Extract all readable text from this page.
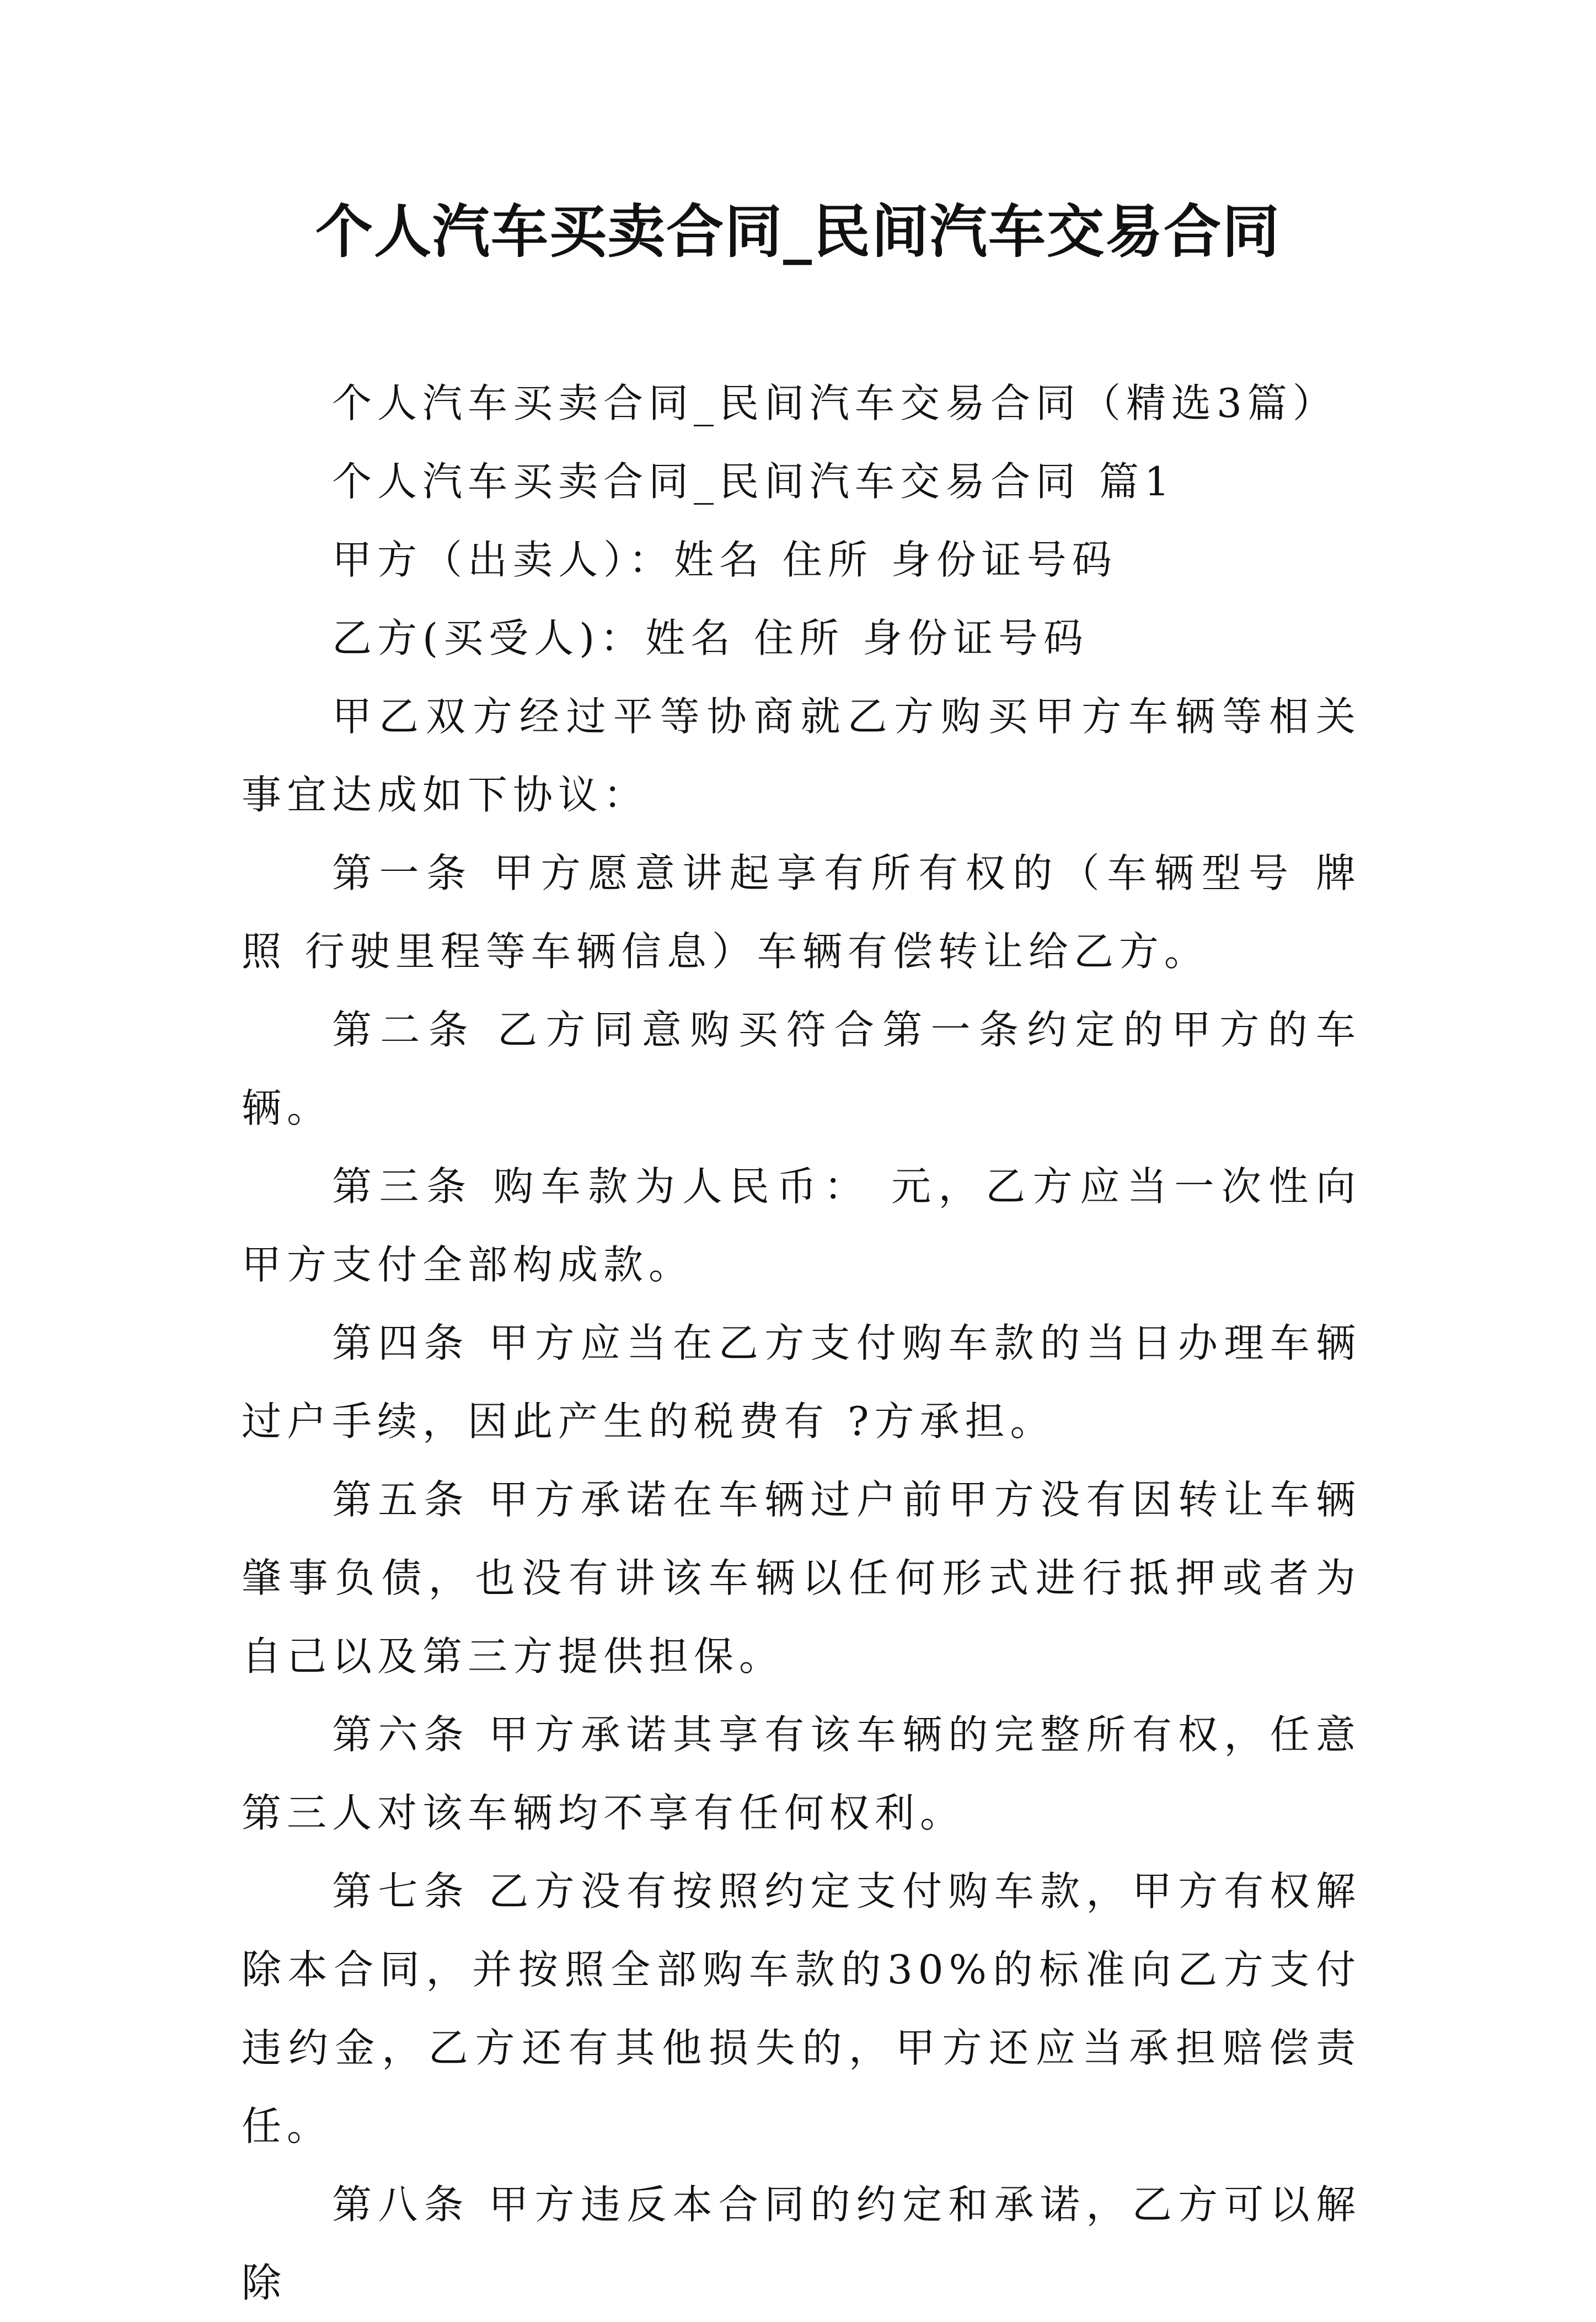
个人汽车买卖合同_民间汽车交易合同

个人汽车买卖合同_民间汽车交易合同（精选3篇）

个人汽车买卖合同_民间汽车交易合同 篇1

甲方（出卖人）：姓名 住所 身份证号码

乙方(买受人)：姓名 住所 身份证号码

甲乙双方经过平等协商就乙方购买甲方车辆等相关事宜达成如下协议：

第一条 甲方愿意讲起享有所有权的（车辆型号 牌照 行驶里程等车辆信息）车辆有偿转让给乙方。

第二条 乙方同意购买符合第一条约定的甲方的车辆。

第三条 购车款为人民币： 元，乙方应当一次性向甲方支付全部构成款。

第四条 甲方应当在乙方支付购车款的当日办理车辆过户手续，因此产生的税费有 ?方承担。

第五条 甲方承诺在车辆过户前甲方没有因转让车辆肇事负债，也没有讲该车辆以任何形式进行抵押或者为自己以及第三方提供担保。

第六条 甲方承诺其享有该车辆的完整所有权，任意第三人对该车辆均不享有任何权利。

第七条 乙方没有按照约定支付购车款，甲方有权解除本合同，并按照全部购车款的30%的标准向乙方支付违约金，乙方还有其他损失的，甲方还应当承担赔偿责任。

第八条 甲方违反本合同的约定和承诺，乙方可以解除
